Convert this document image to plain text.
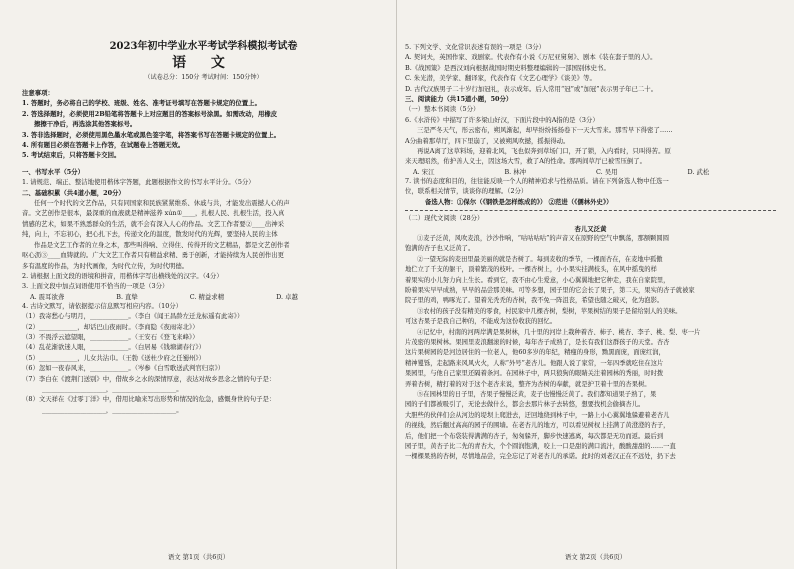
2023年初中学业水平考试学科模拟考试卷
语 文
（试卷总分：150分 考试时间：150分钟）
注意事项：
1. 答题时，务必将自己的学校、班级、姓名、准考证号填写在答题卡规定的位置上。
2. 答选择题时，必须使用2B铅笔将答题卡上对应题目的答案标号涂黑。如需改动，用橡皮
擦擦干净后，再选涂其他答案标号。
3. 答非选择题时，必须使用黑色墨水笔或黑色签字笔，将答案书写在答题卡规定的位置上。
4. 所有题目必须在答题卡上作答，在试题卷上答题无效。
5. 考试结束后，只将答题卡交回。
一、书写水平（5分）
1. 请规范、端正、整洁地使用楷体字答题，此题根据作文的书写水平计分。（5分）
二、基础积累（共4道小题，20分）
任何一个时代的文艺作品，只有同国家和民族紧紧维系、休戚与共，才能发出震撼人心的声
音。文艺创作是很本，最深重的血液就是精神滋养 xún①____，扎根人民、扎根生活，投入真
情感的艺术，如果不熟悉群众的生活，就不会有深入人心的作品。文艺工作者要②____出神采
纯，向上，不忘初心，把心扎下去，传递文化的温度，散发时代的光辉，要坚持人民的主体
作品是文艺工作者的立身之本，那些叫得响、立得住、传得开的文艺精品，都是文艺创作者
呕心沥③____血铸就的。广大文艺工作者只有精益求精、勇于创新，才能持续为人民创作出更
多有温度的作品，为时代画像，为时代立传，为时代明德。
2. 请根据上面文段的语境和拼音，用楷体字写出横线处的汉字。（4分）
3. 上面文段中加点词语使用不恰当的一项是（3分）
A. 震耳欲聋	B. 直挚	C. 精益求精	D. 卓越
4. 古诗文默写，请依据提示信息默写相应内容。（10分）
（1）我寄愁心与明月，____________。（李白《闻王昌龄左迁龙标遥有此寄》）
（2）____________，却话巴山夜雨时。（李商隐《夜雨寄北》）
（3）不畏浮云遮望眼，____________。（王安石《登飞来峰》）
（4）乱花渐欲迷人眼，____________。（白居易《钱塘湖春行》）
（5）____________，儿女共沾巾。（王勃《送杜少府之任蜀州》）
（6）忽如一夜春风来，____________。（岑参《白雪歌送武判官归京》）
（7）李白在《渡荆门送别》中，借故乡之水的深情厚意，表达对故乡思念之情的句子是：
____________________，____________________。
（8）文天祥在《过零丁洋》中，借用比喻来写出形势和情况的危急，感慨身世的句子是：
____________________，____________________。
语文 第1页（共6页）
5. 下列文学、文化常识表述有误的一项是（3分）
A. 契诃夫，英国作家、戏剧家。代表作有小说《万尼亚舅舅》、剧本《装在套子里的人》。
B.《战国策》是西汉刘向根据战国时期史料整理编辑的一部国别体史书。
C. 朱光潜，美学家、翻译家，代表作有《文艺心理学》《谈美》等。
D. 古代汉族男子二十岁行加冠礼，表示成年。后人常用“冠”或“加冠”表示男子年已二十。
三、阅读能力（共15道小题，50分）
（一）整本书阅读（5分）
6.《水浒传》中描写了许多梁山好汉，下面片段中的A指的是（3分）
三是严冬天气，彤云密布，朔风渐起，却早纷纷扬扬卷下一天大雪来。那雪早下得密了……
A分曲着那草厅，四下里崩了，又被朔风吹撼，摇振得动。
再说A离了这草料场，迎着北风，飞也似奔到草场门口，开了锁，入内看时，只叫得苦。原
来天理昭然，佑护善人义士，因这场大雪，救了A的性命。那两间草厅已被雪压倒了。
A. 宋江	B. 林冲	C. 吴用	D. 武松
7. 读书的态度和目的，往往能反映一个人的精神追求与性格品质。请在下列备选人物中任选一
位，联系相关情节，谈谈你的理解。（2分）
备选人物：①保尔（《钢铁是怎样炼成的》） ②范进（《儒林外史》）
（二）现代文阅读（28分）
杏儿又泛黄
①麦子泛黄，风吹麦浪，沙沙作响，“咕咕咕咕”的声音又在原野的空气中飘荡，那额颗圆圆
饱满的杏子也又泛黄了。
②一望无际的麦田里最美丽的就是杏树了。每到麦收的季节，一棵面杏在，在麦地中孤傲
地伫立了千支的躯干，顶着繁茂的枝叶。一棵杏树上，小小果实挂满枝头，在风中摇曳的样
着果实的小儿努力向上生长。看到它，我不由心生爱意，小心翼翼地把它种走，我在自家院里，
盼着果实早早成熟，早早的品尝那美味。可等多想，园子里的它会长了果子，第二天，果实的杏子就被家
院子里的鸡，鸭啄光了。望着光秃秃的杏树，我不免一阵沮丧，希望也随之破灭，化为泡影。
③农村的孩子没有精美的零食，村民家中几棵杏树，梨树，苹果树结的果子是留给别人的美味。
可这杏果子是我自己种的，不能成为这份收获的回忆。
④记忆中，村南的河两岸满是果树林，几十里的河岸上栽种着杏、柿子、桃杏、李子、桃、梨、枣一片
片茂密的果树林。果园里麦浪翻滚的时候，每年杏子成熟了，是长有我们这群孩子的天堂。杏杏
这片果树园的是河边居住的一位老人，他60多岁的年纪，精瘦的身形，黝黑面庞，面庞红润，
精神矍铄，走起路来风风火火，人称“外号”老杏儿。他跟人说了家常，一年四季就吃住在这片
果园里，与他自己家里还隔着条河。在园林子中，两只狼狗的眼睛关注着园林的秀丽，时时拨
弄着杏树，精打着的对于这个老杏来说，整齐为杏树的奉献，就是护卫着十里的杏果树。
⑤在园林里的日子里，杏果子慢慢泛黄，麦子也慢慢泛黄了。我们都知道果子熟了，果
园的子们都被吸引了，无论去做什么，都会去那片林子去转悠，想要找机会偷摘杏儿。
大胆些的伙伴们会从河边的堤坝上爬进去，迂回地绕到林子中，一路上小心翼翼地躲避着老杏儿
的视线，然后翻过高高的园子的围墙。在老杏儿的地方，可以看见树杈上挂满了黄澄澄的杏子，
后，他们把一个布袋装得满满的杏子，匆匆躲开，脚步快速逃离，每次都是无功而返。最后到
园子里，黄杏子比二先的青杏大，个个圆润饱满，咬上一口是甜的满口流汁，酸酸甜甜的……一直
一棵棵果熟的杏树，尽情地品尝，完全忘记了对老杏儿的承诺。此时的刘老汉正在不远处，扔下去
语文 第2页（共6页）
